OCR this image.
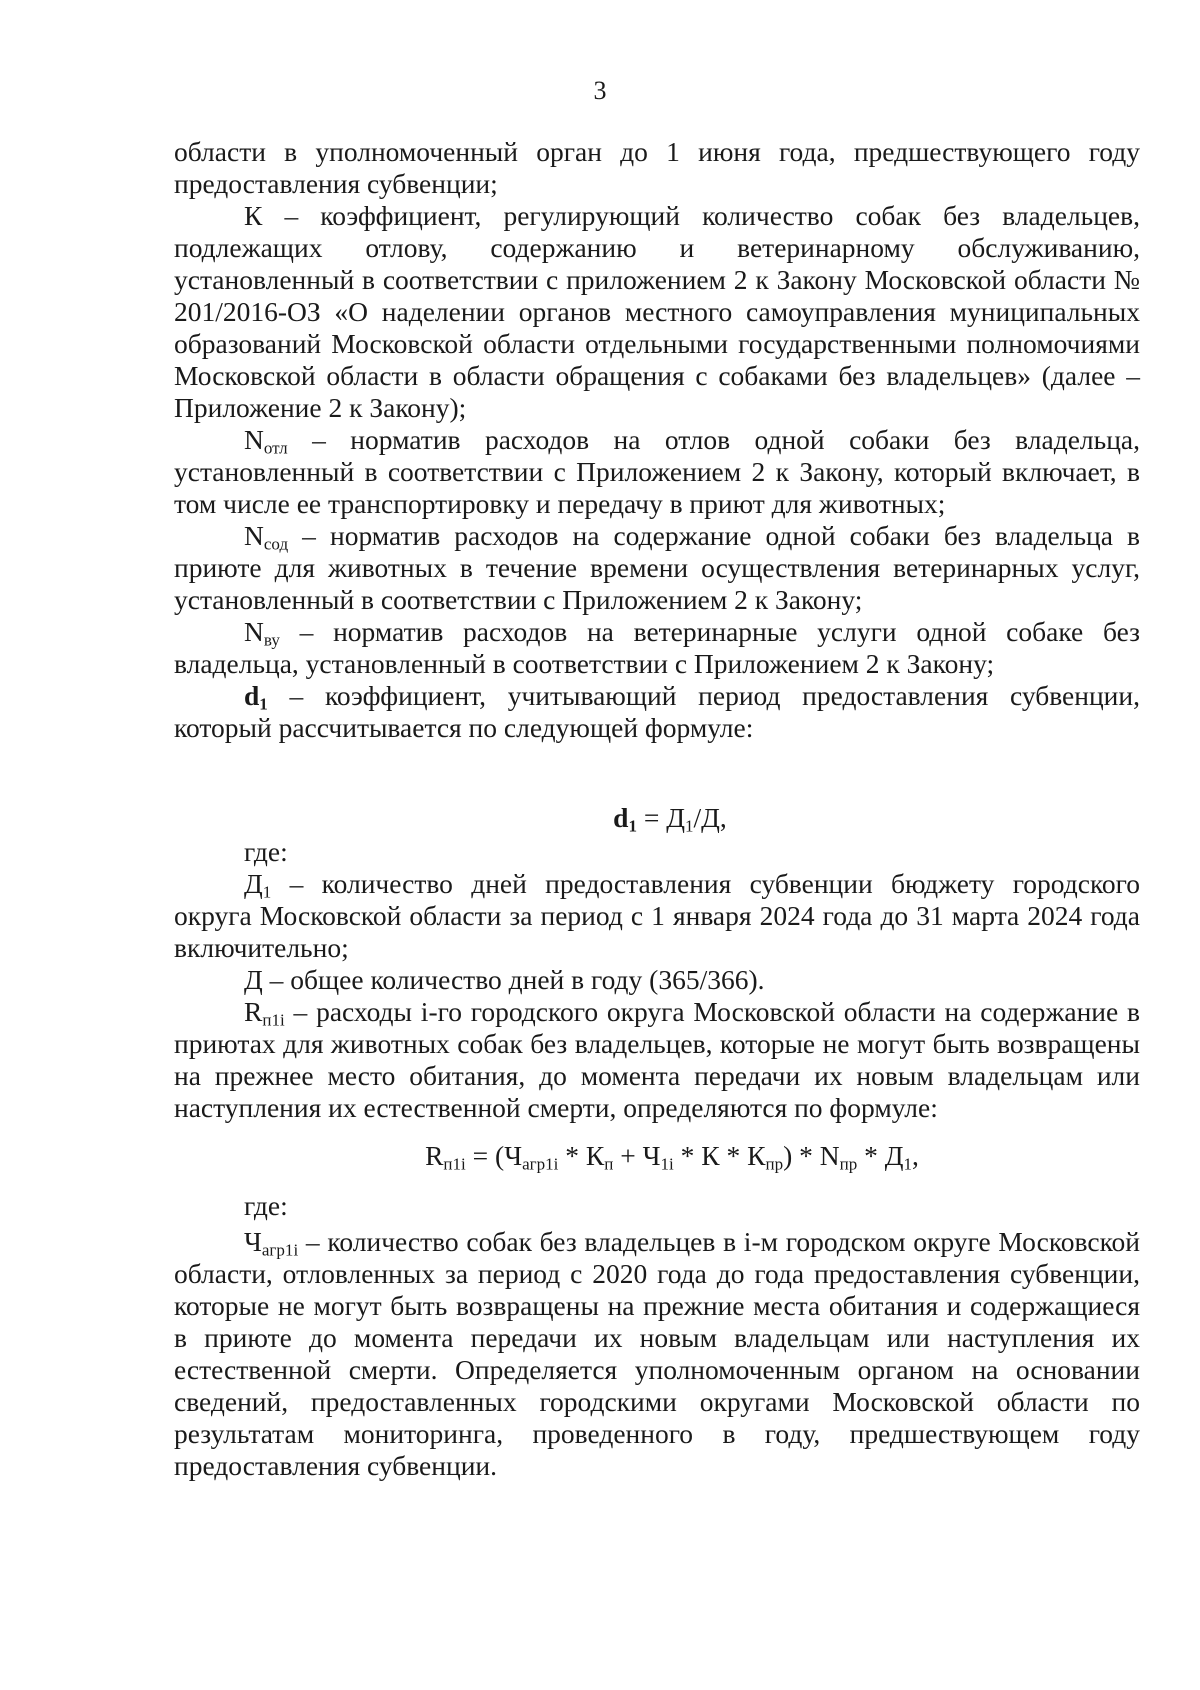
3

области в уполномоченный орган до 1 июня года, предшествующего году предоставления субвенции;

К – коэффициент, регулирующий количество собак без владельцев, подлежащих отлову, содержанию и ветеринарному обслуживанию, установленный в соответствии с приложением 2 к Закону Московской области № 201/2016-ОЗ «О наделении органов местного самоуправления муниципальных образований Московской области отдельными государственными полномочиями Московской области в области обращения с собаками без владельцев» (далее – Приложение 2 к Закону);

$N_{отл}$ – норматив расходов на отлов одной собаки без владельца, установленный в соответствии с Приложением 2 к Закону, который включает, в том числе ее транспортировку и передачу в приют для животных;

$N_{сод}$ – норматив расходов на содержание одной собаки без владельца в приюте для животных в течение времени осуществления ветеринарных услуг, установленный в соответствии с Приложением 2 к Закону;

$N_{ву}$ – норматив расходов на ветеринарные услуги одной собаке без владельца, установленный в соответствии с Приложением 2 к Закону;

$d_1$ – коэффициент, учитывающий период предоставления субвенции, который рассчитывается по следующей формуле:

$d_1 = Д_1/Д$,

где:

$Д_1$ – количество дней предоставления субвенции бюджету городского округа Московской области за период с 1 января 2024 года до 31 марта 2024 года включительно;

Д – общее количество дней в году (365/366).

$R_{п1i}$ – расходы i-го городского округа Московской области на содержание в приютах для животных собак без владельцев, которые не могут быть возвращены на прежнее место обитания, до момента передачи их новым владельцам или наступления их естественной смерти, определяются по формуле:

$R_{п1i} = (Ч_{агр1i} * К_п + Ч_{1i} * К * К_{пр}) * N_{пр} * Д_1$,

где:

$Ч_{агр1i}$ – количество собак без владельцев в i-м городском округе Московской области, отловленных за период с 2020 года до года предоставления субвенции, которые не могут быть возвращены на прежние места обитания и содержащиеся в приюте до момента передачи их новым владельцам или наступления их естественной смерти. Определяется уполномоченным органом на основании сведений, предоставленных городскими округами Московской области по результатам мониторинга, проведенного в году, предшествующем году предоставления субвенции.
